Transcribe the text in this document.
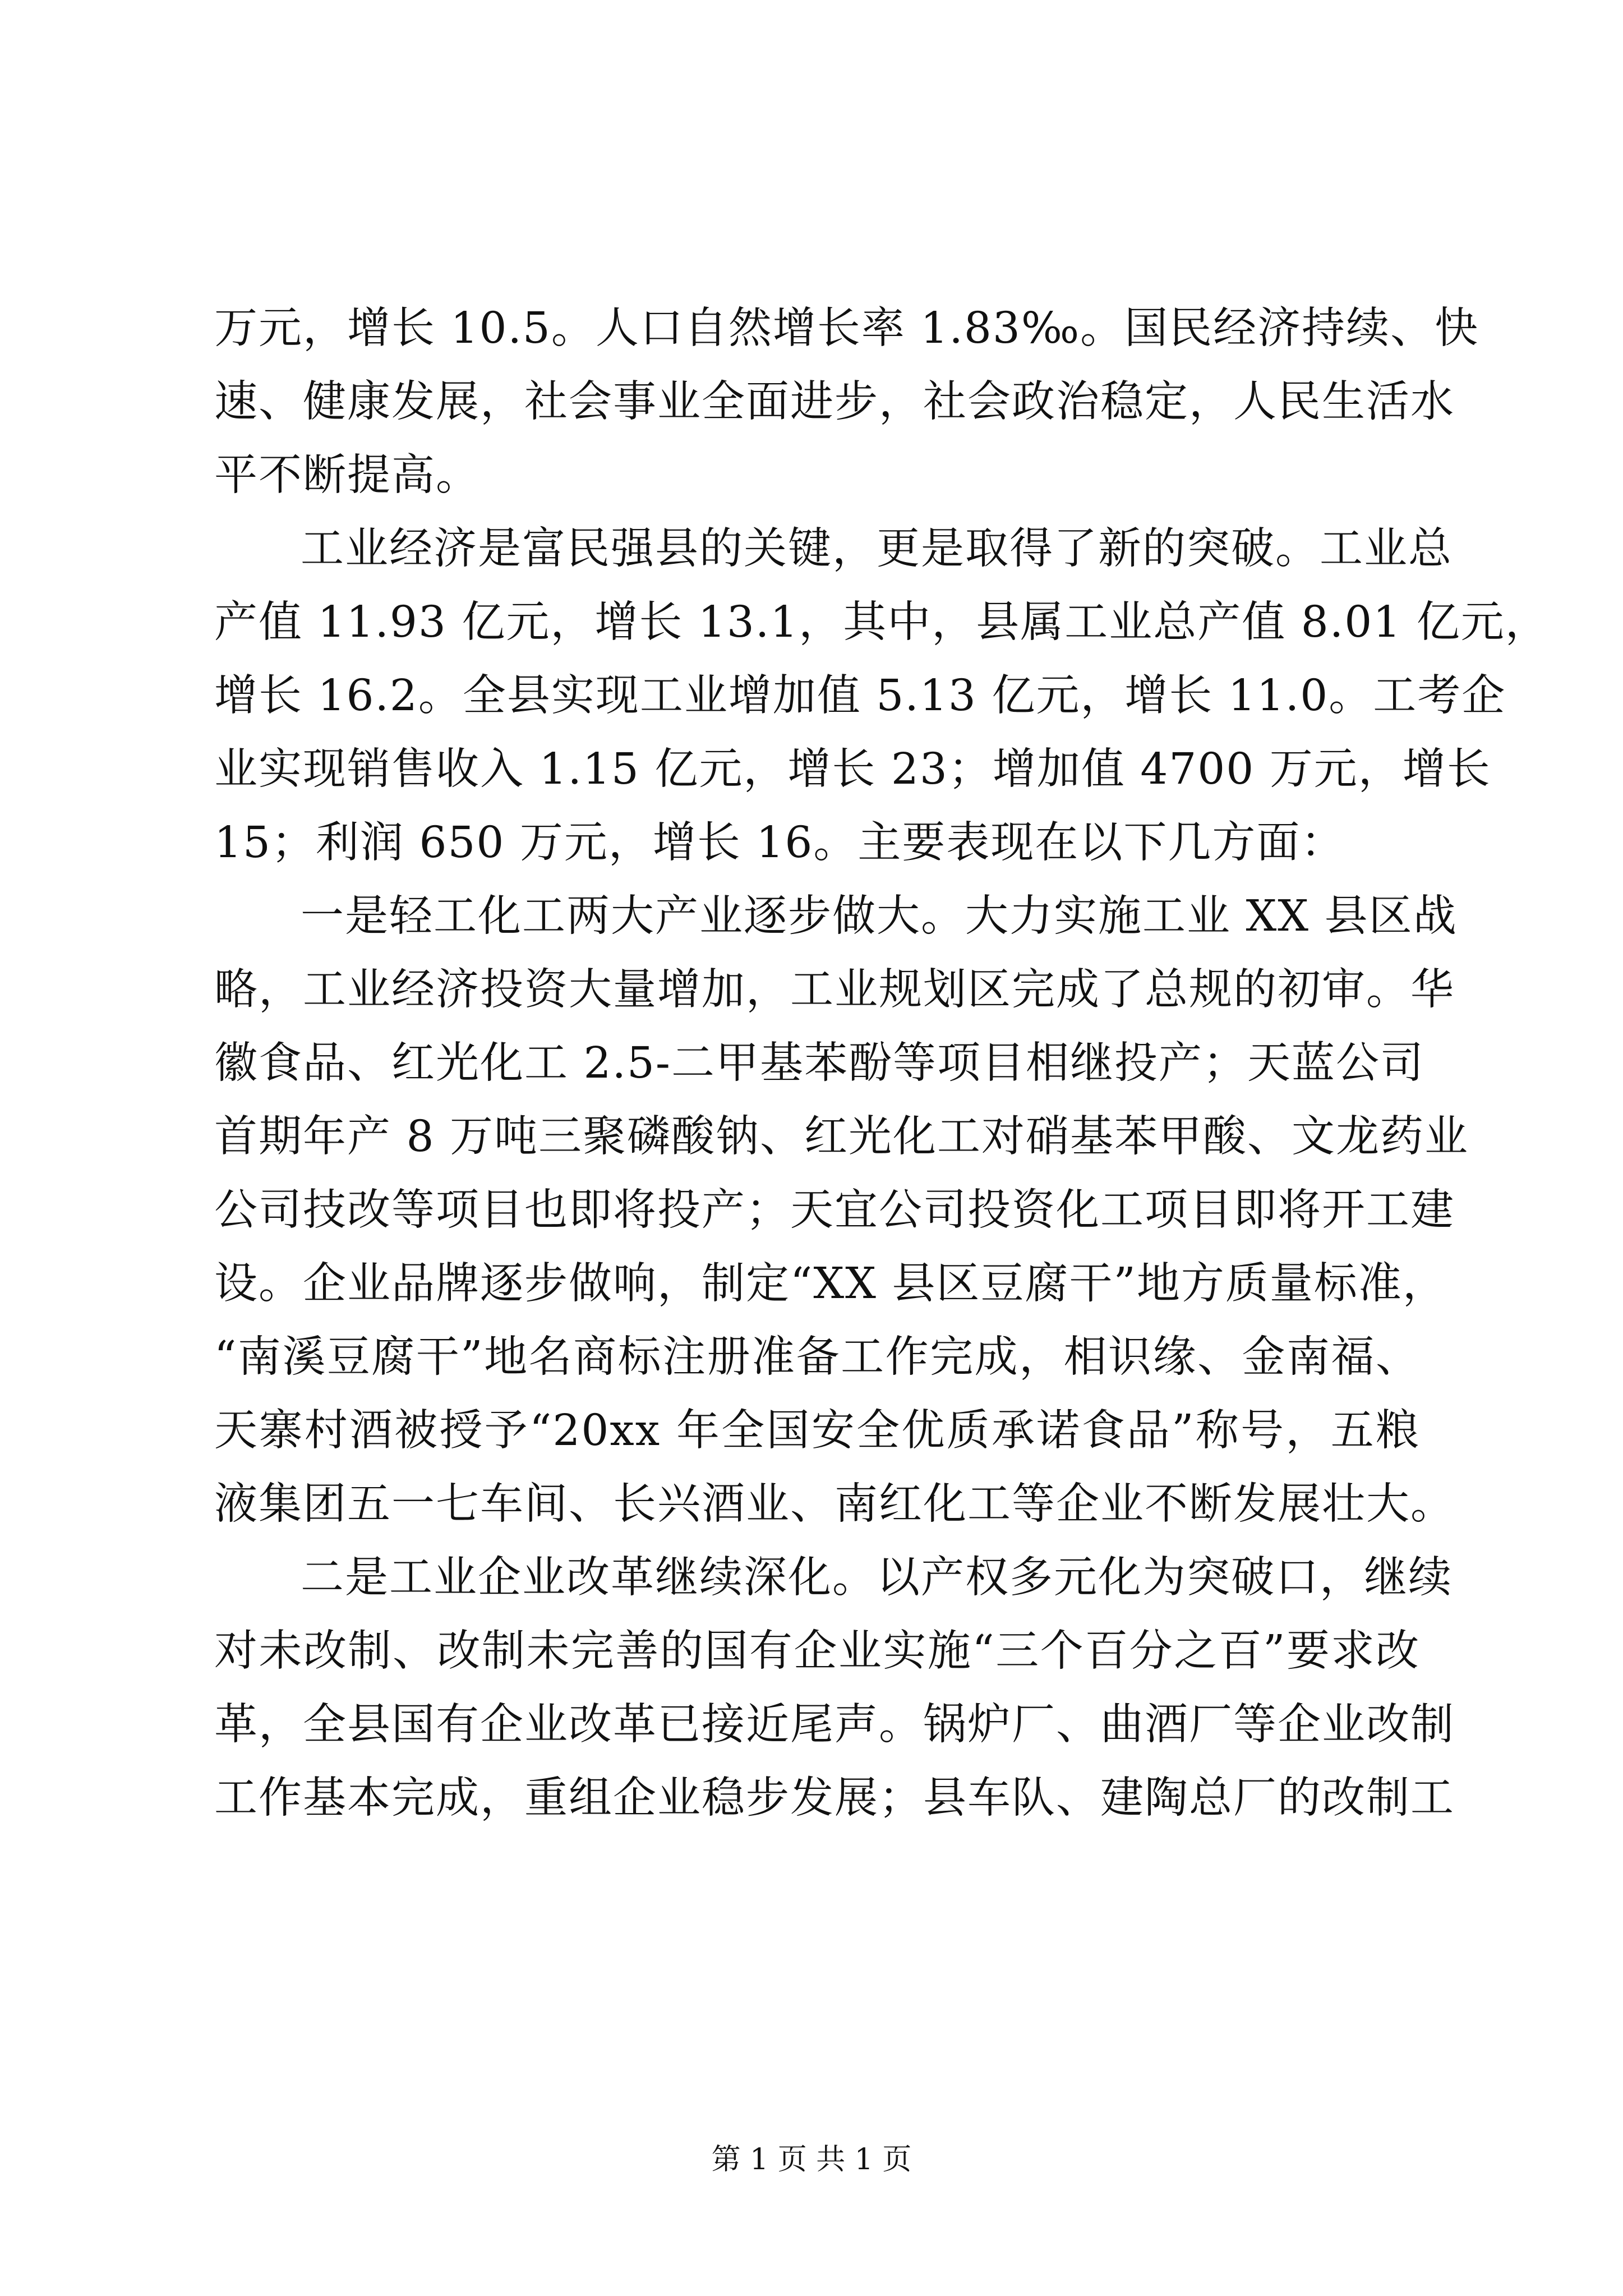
万元，增长 10.5。人口自然增长率 1.83‰。国民经济持续、快
速、健康发展，社会事业全面进步，社会政治稳定，人民生活水
平不断提高。
工业经济是富民强县的关键，更是取得了新的突破。工业总
产值 11.93 亿元，增长 13.1，其中，县属工业总产值 8.01 亿元，
增长 16.2。全县实现工业增加值 5.13 亿元，增长 11.0。工考企
业实现销售收入 1.15 亿元，增长 23；增加值 4700 万元，增长
15；利润 650 万元，增长 16。主要表现在以下几方面：
一是轻工化工两大产业逐步做大。大力实施工业 XX 县区战
略，工业经济投资大量增加，工业规划区完成了总规的初审。华
徽食品、红光化工 2.5-二甲基苯酚等项目相继投产；天蓝公司
首期年产 8 万吨三聚磷酸钠、红光化工对硝基苯甲酸、文龙药业
公司技改等项目也即将投产；天宜公司投资化工项目即将开工建
设。企业品牌逐步做响，制定“XX 县区豆腐干”地方质量标准，
“南溪豆腐干”地名商标注册准备工作完成，相识缘、金南福、
天寨村酒被授予“20xx 年全国安全优质承诺食品”称号，五粮
液集团五一七车间、长兴酒业、南红化工等企业不断发展壮大。
二是工业企业改革继续深化。以产权多元化为突破口，继续
对未改制、改制未完善的国有企业实施“三个百分之百”要求改
革，全县国有企业改革已接近尾声。锅炉厂、曲酒厂等企业改制
工作基本完成，重组企业稳步发展；县车队、建陶总厂的改制工
第 1 页 共 1 页
